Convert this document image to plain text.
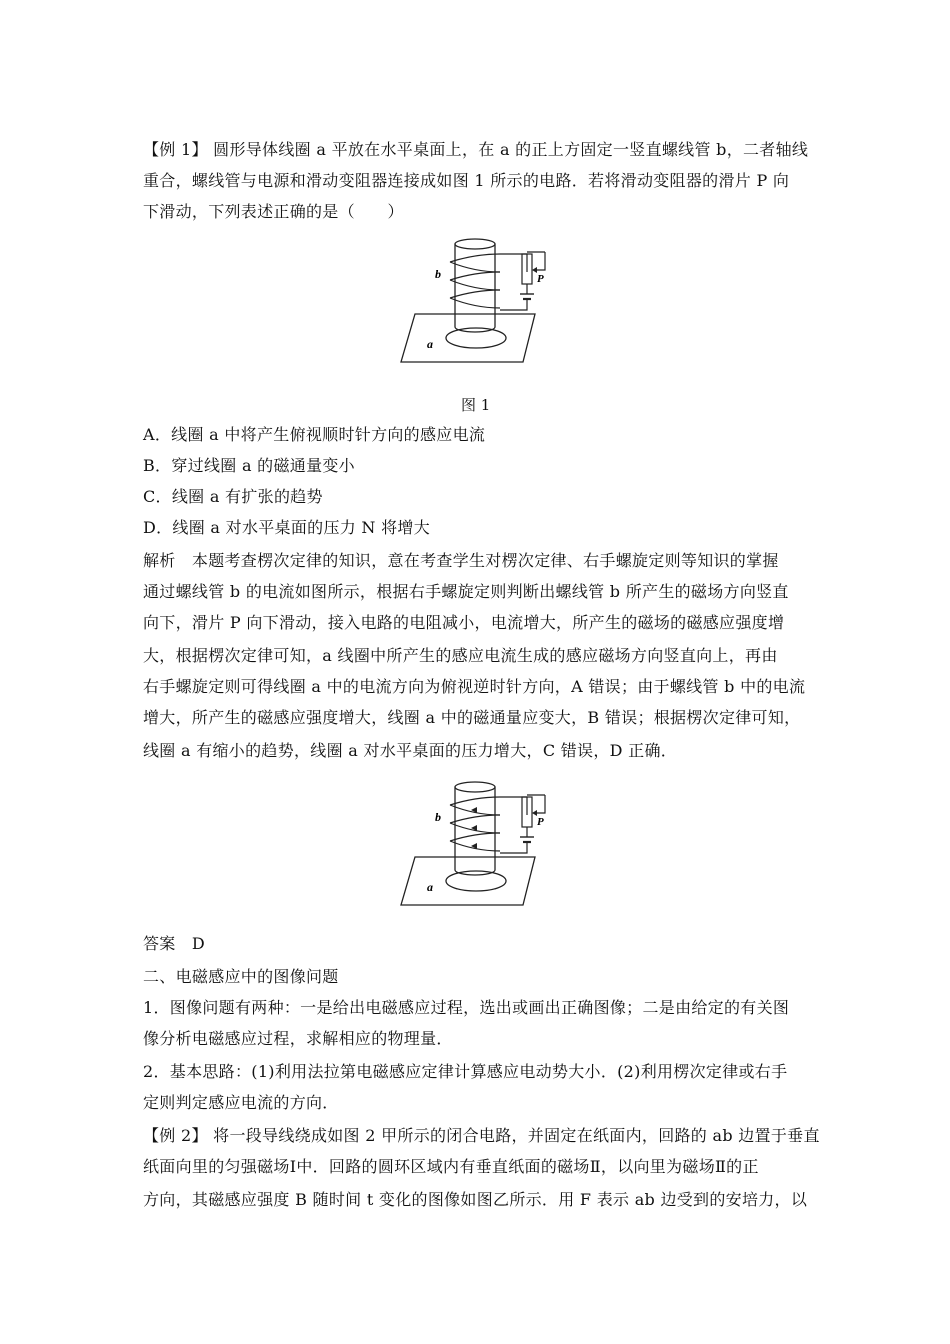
【例 1】 圆形导体线圈 a 平放在水平桌面上，在 a 的正上方固定一竖直螺线管 b，二者轴线
重合，螺线管与电源和滑动变阻器连接成如图 1 所示的电路．若将滑动变阻器的滑片 P 向
下滑动，下列表述正确的是（　　）
b
a
P
图 1
A．线圈 a 中将产生俯视顺时针方向的感应电流
B．穿过线圈 a 的磁通量变小
C．线圈 a 有扩张的趋势
D．线圈 a 对水平桌面的压力 N 将增大
解析　本题考查楞次定律的知识，意在考查学生对楞次定律、右手螺旋定则等知识的掌握
通过螺线管 b 的电流如图所示，根据右手螺旋定则判断出螺线管 b 所产生的磁场方向竖直
向下，滑片 P 向下滑动，接入电路的电阻减小，电流增大，所产生的磁场的磁感应强度增
大，根据楞次定律可知，a 线圈中所产生的感应电流生成的感应磁场方向竖直向上，再由
右手螺旋定则可得线圈 a 中的电流方向为俯视逆时针方向，A 错误；由于螺线管 b 中的电流
增大，所产生的磁感应强度增大，线圈 a 中的磁通量应变大，B 错误；根据楞次定律可知，
线圈 a 有缩小的趋势，线圈 a 对水平桌面的压力增大，C 错误，D 正确．
b
a
P
答案　D
二、电磁感应中的图像问题
1．图像问题有两种：一是给出电磁感应过程，选出或画出正确图像；二是由给定的有关图
像分析电磁感应过程，求解相应的物理量．
2．基本思路：(1)利用法拉第电磁感应定律计算感应电动势大小．(2)利用楞次定律或右手
定则判定感应电流的方向．
【例 2】 将一段导线绕成如图 2 甲所示的闭合电路，并固定在纸面内，回路的 ab 边置于垂直
纸面向里的匀强磁场Ⅰ中．回路的圆环区域内有垂直纸面的磁场Ⅱ，以向里为磁场Ⅱ的正
方向，其磁感应强度 B 随时间 t 变化的图像如图乙所示．用 F 表示 ab 边受到的安培力，以
